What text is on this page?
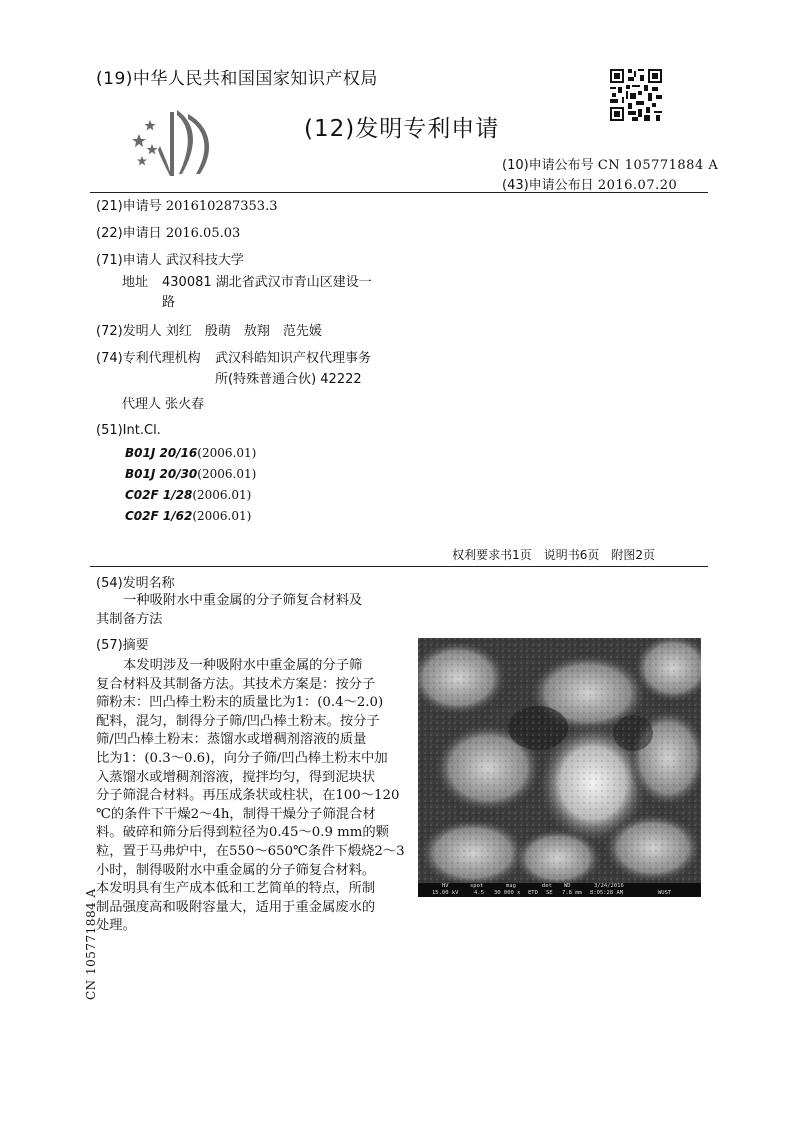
(19)中华人民共和国国家知识产权局
(12)发明专利申请
(10)申请公布号 CN 105771884 A
(43)申请公布日 2016.07.20
(21)申请号 201610287353.3
(22)申请日 2016.05.03
(71)申请人 武汉科技大学
地址 430081 湖北省武汉市青山区建设一
路
(72)发明人 刘红　殷萌　敖翔　范先媛
(74)专利代理机构 武汉科皓知识产权代理事务
所(特殊普通合伙) 42222
代理人 张火春
(51)Int.Cl.
B01J 20/16(2006.01)
B01J 20/30(2006.01)
C02F 1/28(2006.01)
C02F 1/62(2006.01)
权利要求书1页　说明书6页　附图2页
(54)发明名称
一种吸附水中重金属的分子筛复合材料及
其制备方法
(57)摘要
本发明涉及一种吸附水中重金属的分子筛
复合材料及其制备方法。其技术方案是：按分子
筛粉末：凹凸棒土粉末的质量比为1：(0.4～2.0)
配料，混匀，制得分子筛/凹凸棒土粉末。按分子
筛/凹凸棒土粉末：蒸馏水或增稠剂溶液的质量
比为1：(0.3～0.6)，向分子筛/凹凸棒土粉末中加
入蒸馏水或增稠剂溶液，搅拌均匀，得到泥块状
分子筛混合材料。再压成条状或柱状，在100～120
℃的条件下干燥2～4h，制得干燥分子筛混合材
料。破碎和筛分后得到粒径为0.45～0.9 mm的颗
粒，置于马弗炉中，在550～650℃条件下煅烧2～3
小时，制得吸附水中重金属的分子筛复合材料。
本发明具有生产成本低和工艺简单的特点，所制
制品强度高和吸附容量大，适用于重金属废水的
处理。
HV	spot	mag	det WD	3/24/2016
15.00 kV	4.5 30 000 x ETD SE 7.8 mm 8:05:28 AM	WUST
CN 105771884 A
